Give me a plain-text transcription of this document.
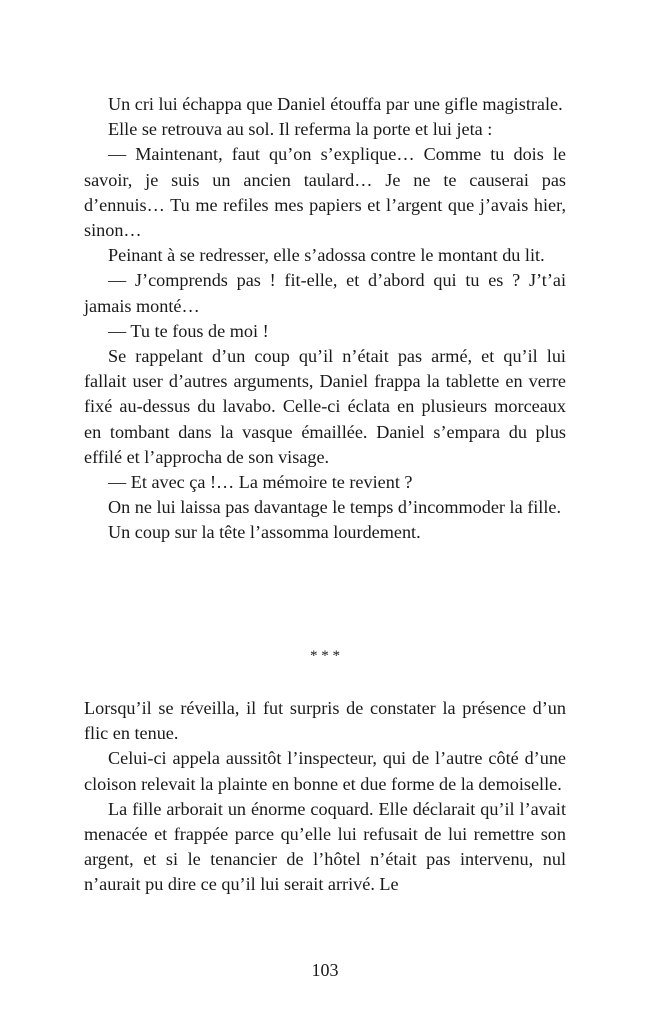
Un cri lui échappa que Daniel étouffa par une gifle magistrale.

Elle se retrouva au sol. Il referma la porte et lui jeta :

— Maintenant, faut qu’on s’explique… Comme tu dois le savoir, je suis un ancien taulard… Je ne te causerai pas d’ennuis… Tu me refiles mes papiers et l’argent que j’avais hier, sinon…

Peinant à se redresser, elle s’adossa contre le montant du lit.

— J’comprends pas ! fit-elle, et d’abord qui tu es ? J’t’ai jamais monté…

— Tu te fous de moi !

Se rappelant d’un coup qu’il n’était pas armé, et qu’il lui fallait user d’autres arguments, Daniel frappa la tablette en verre fixé au-dessus du lavabo. Celle-ci éclata en plusieurs morceaux en tombant dans la vasque émaillée. Daniel s’empara du plus effilé et l’approcha de son visage.

— Et avec ça !… La mémoire te revient ?

On ne lui laissa pas davantage le temps d’incommoder la fille.

Un coup sur la tête l’assomma lourdement.

* * *

Lorsqu’il se réveilla, il fut surpris de constater la présence d’un flic en tenue.

Celui-ci appela aussitôt l’inspecteur, qui de l’autre côté d’une cloison relevait la plainte en bonne et due forme de la demoiselle.

La fille arborait un énorme coquard. Elle déclarait qu’il l’avait menacée et frappée parce qu’elle lui refusait de lui remettre son argent, et si le tenancier de l’hôtel n’était pas intervenu, nul n’aurait pu dire ce qu’il lui serait arrivé. Le

103
